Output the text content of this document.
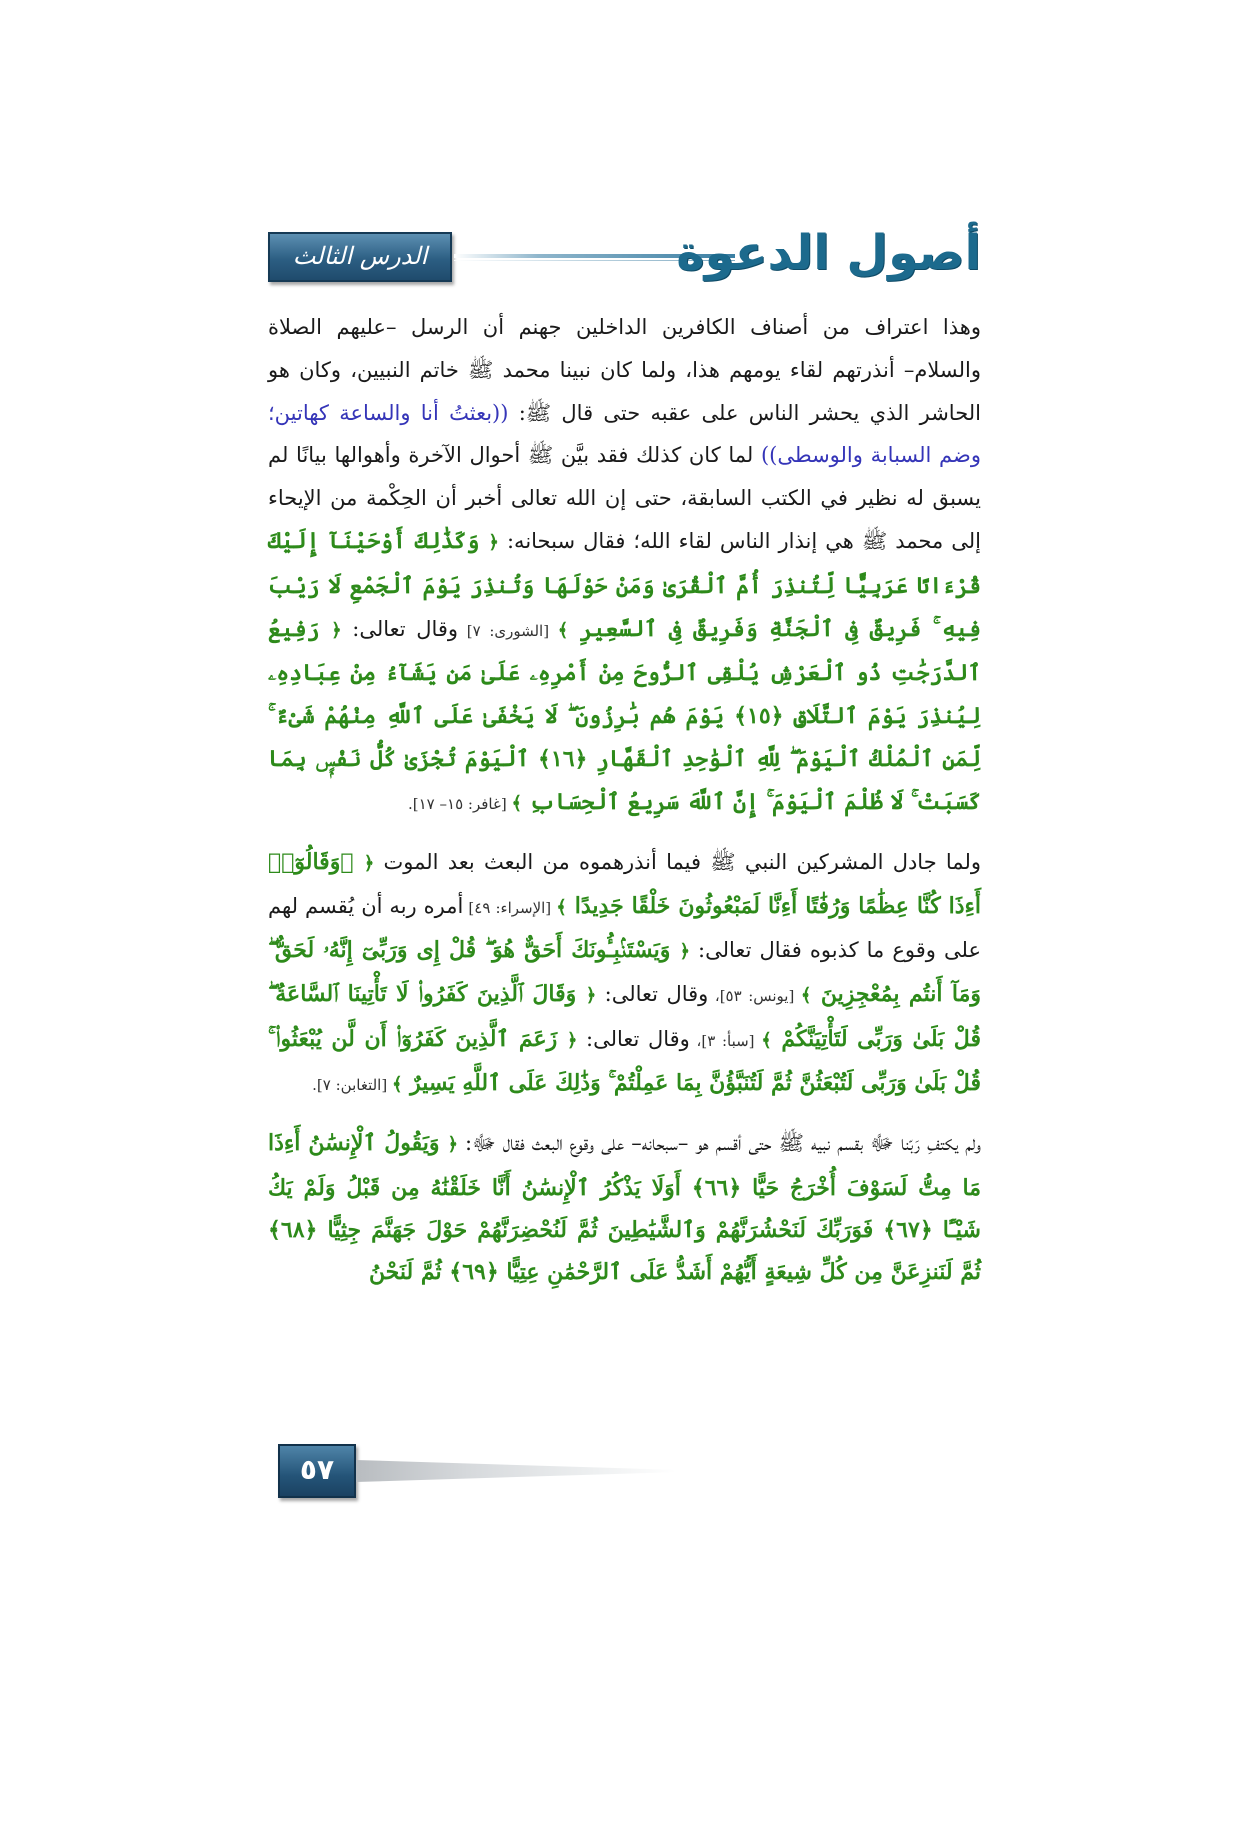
الدرس الثالث	أصول الدعوة

وهذا اعتراف من أصناف الكافرين الداخلين جهنم أن الرسل –عليهم الصلاة والسلام– أنذرتهم لقاء يومهم هذا، ولما كان نبينا محمد ﷺ خاتم النبيين، وكان هو الحاشر الذي يحشر الناس على عقبه حتى قال ﷺ: ((بعثتُ أنا والساعة كهاتين؛ وضم السبابة والوسطى)) لما كان كذلك فقد بيَّن ﷺ أحوال الآخرة وأهوالها بيانًا لم يسبق له نظير في الكتب السابقة، حتى إن الله تعالى أخبر أن الحِكْمة من الإيحاء إلى محمد ﷺ هي إنذار الناس لقاء الله؛ فقال سبحانه: ﴿ وَكَذَٰلِكَ أَوْحَيْنَآ إِلَيْكَ قُرْءَانًا عَرَبِيًّا لِّتُنذِرَ أُمَّ ٱلْقُرَىٰ وَمَنْ حَوْلَهَا وَتُنذِرَ يَوْمَ ٱلْجَمْعِ لَا رَيْبَ فِيهِ ۚ فَرِيقٌ فِى ٱلْجَنَّةِ وَفَرِيقٌ فِى ٱلسَّعِيرِ ﴾ [الشورى: ٧] وقال تعالى: ﴿ رَفِيعُ ٱلدَّرَجَٰتِ ذُو ٱلْعَرْشِ يُلْقِى ٱلرُّوحَ مِنْ أَمْرِهِۦ عَلَىٰ مَن يَشَآءُ مِنْ عِبَادِهِۦ لِيُنذِرَ يَوْمَ ٱلتَّلَاقِ ﴿١٥﴾ يَوْمَ هُم بَٰرِزُونَ ۖ لَا يَخْفَىٰ عَلَى ٱللَّهِ مِنْهُمْ شَىْءٌ ۚ لِّمَنِ ٱلْمُلْكُ ٱلْيَوْمَ ۖ لِلَّهِ ٱلْوَٰحِدِ ٱلْقَهَّارِ ﴿١٦﴾ ٱلْيَوْمَ تُجْزَىٰ كُلُّ نَفْسٍۭ بِمَا كَسَبَتْ ۚ لَا ظُلْمَ ٱلْيَوْمَ ۚ إِنَّ ٱللَّهَ سَرِيعُ ٱلْحِسَابِ ﴾ [غافر: ١٥– ١٧].

ولما جادل المشركين النبي ﷺ فيما أنذرهموه من البعث بعد الموت ﴿ ﴿وَقَالُوٓا۟ أَءِذَا كُنَّا عِظَٰمًا وَرُفَٰتًا أَءِنَّا لَمَبْعُوثُونَ خَلْقًا جَدِيدًا ﴾ [الإسراء: ٤٩] أمره ربه أن يُقسم لهم على وقوع ما كذبوه فقال تعالى: ﴿ وَيَسْتَنۢبِـُٔونَكَ أَحَقٌّ هُوَ ۖ قُلْ إِى وَرَبِّىٓ إِنَّهُۥ لَحَقٌّ ۖ وَمَآ أَنتُم بِمُعْجِزِينَ ﴾ [يونس: ٥٣]، وقال تعالى: ﴿ وَقَالَ ٱلَّذِينَ كَفَرُوا۟ لَا تَأْتِينَا ٱلسَّاعَةُ ۖ قُلْ بَلَىٰ وَرَبِّى لَتَأْتِيَنَّكُمْ ﴾ [سبأ: ٣]، وقال تعالى: ﴿ زَعَمَ ٱلَّذِينَ كَفَرُوٓا۟ أَن لَّن يُبْعَثُوا۟ ۚ قُلْ بَلَىٰ وَرَبِّى لَتُبْعَثُنَّ ثُمَّ لَتُنَبَّؤُنَّ بِمَا عَمِلْتُمْ ۚ وَذَٰلِكَ عَلَى ٱللَّهِ يَسِيرٌ ﴾ [التغابن: ٧].

ولم يكتفِ رَبّنا ﷻ بقسم نبيه ﷺ حتى أقسم هو –سبحانه– على وقوع البعث فقال ﷻ: ﴿ وَيَقُولُ ٱلْإِنسَٰنُ أَءِذَا مَا مِتُّ لَسَوْفَ أُخْرَجُ حَيًّا ﴿٦٦﴾ أَوَلَا يَذْكُرُ ٱلْإِنسَٰنُ أَنَّا خَلَقْنَٰهُ مِن قَبْلُ وَلَمْ يَكُ شَيْـًٔا ﴿٦٧﴾ فَوَرَبِّكَ لَنَحْشُرَنَّهُمْ وَٱلشَّيَٰطِينَ ثُمَّ لَنُحْضِرَنَّهُمْ حَوْلَ جَهَنَّمَ جِثِيًّا ﴿٦٨﴾ ثُمَّ لَنَنزِعَنَّ مِن كُلِّ شِيعَةٍ أَيُّهُمْ أَشَدُّ عَلَى ٱلرَّحْمَٰنِ عِتِيًّا ﴿٦٩﴾ ثُمَّ لَنَحْنُ

٥٧
